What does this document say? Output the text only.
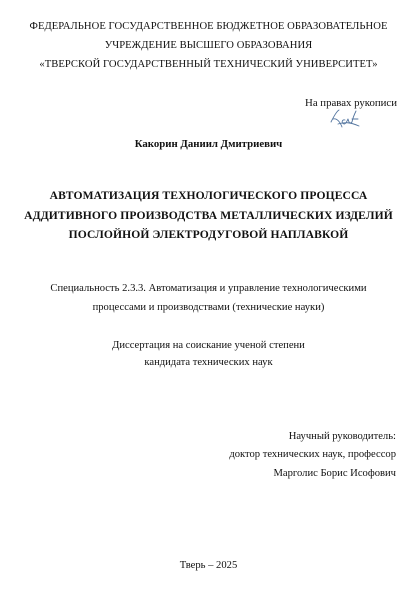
ФЕДЕРАЛЬНОЕ ГОСУДАРСТВЕННОЕ БЮДЖЕТНОЕ ОБРАЗОВАТЕЛЬНОЕ
УЧРЕЖДЕНИЕ ВЫСШЕГО ОБРАЗОВАНИЯ
«ТВЕРСКОЙ ГОСУДАРСТВЕННЫЙ ТЕХНИЧЕСКИЙ УНИВЕРСИТЕТ»
На правах рукописи
Какорин Даниил Дмитриевич
АВТОМАТИЗАЦИЯ ТЕХНОЛОГИЧЕСКОГО ПРОЦЕССА
АДДИТИВНОГО ПРОИЗВОДСТВА МЕТАЛЛИЧЕСКИХ ИЗДЕЛИЙ
ПОСЛОЙНОЙ ЭЛЕКТРОДУГОВОЙ НАПЛАВКОЙ
Специальность 2.3.3. Автоматизация и управление технологическими
процессами и производствами (технические науки)
Диссертация на соискание ученой степени
кандидата технических наук
Научный руководитель:
доктор технических наук, профессор
Марголис Борис Исофович
Тверь – 2025
